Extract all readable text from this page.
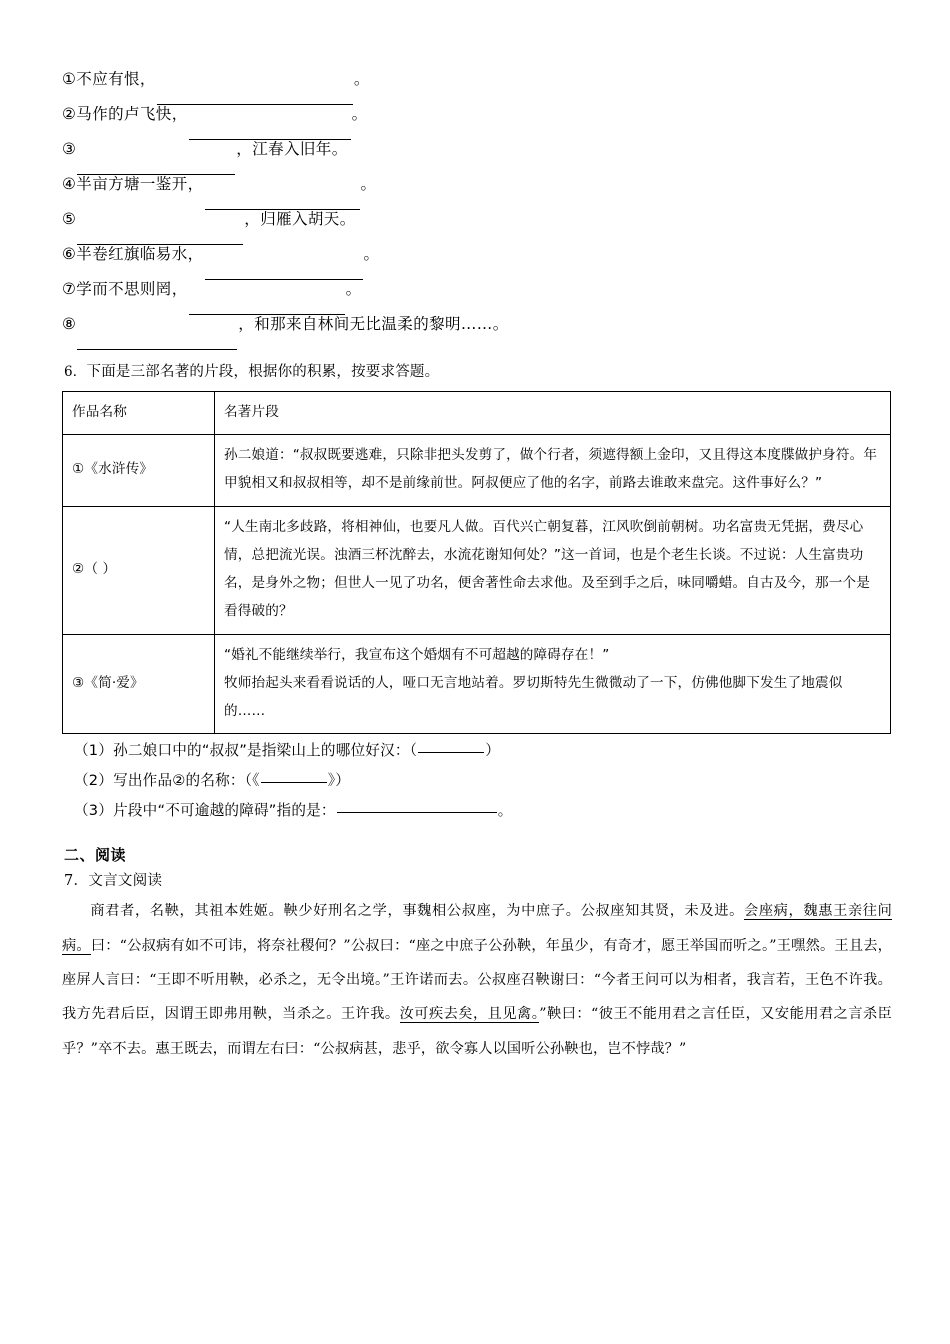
① 不应有恨，	。
② 马作的卢飞快，	。
③	，江春入旧年。
④ 半亩方塘一鉴开，	。
⑤	，归雁入胡天。
⑥ 半卷红旗临易水，	。
⑦ 学而不思则罔，	。
⑧	，和那来自林间无比温柔的黎明……。
6．下面是三部名著的片段，根据你的积累，按要求答题。
作品名称	名著片段
①《水浒传》	孙二娘道：“叔叔既要逃难，只除非把头发剪了，做个行者，须遮得额上金印，又且得这本度牒做护身符。年甲貌相又和叔叔相等，却不是前缘前世。阿叔便应了他的名字，前路去谁敢来盘完。这件事好么？”

②（ ）	“人生南北多歧路，将相神仙，也要凡人做。百代兴亡朝复暮，江风吹倒前朝树。功名富贵无凭据，费尽心情，总把流光误。浊酒三杯沈醉去，水流花谢知何处？”这一首词，也是个老生长谈。不过说：人生富贵功名，是身外之物；但世人一见了功名，便舍著性命去求他。及至到手之后，味同嚼蜡。自古及今，那一个是看得破的？

③《简·爱》	“婚礼不能继续举行，我宣布这个婚烟有不可超越的障碍存在！”

牧师抬起头来看看说话的人，哑口无言地站着。罗切斯特先生微微动了一下，仿佛他脚下发生了地震似的……

（1） 孙二娘口中的“叔叔”是指梁山上的哪位好汉：（	）
（2） 写出作品②的名称：（《	》）
（3） 片段中“不可逾越的障碍”指的是：	。
二、阅读
7．文言文阅读

商君者，名鞅，其祖本姓姬。鞅少好刑名之学，事魏相公叔座，为中庶子。公叔座知其贤，未及进。会座病，魏惠王亲往问病。曰：“公叔病有如不可讳，将奈社稷何？”公叔曰：“座之中庶子公孙鞅，年虽少，有奇才，愿王举国而听之。”王嘿然。王且去，座屏人言曰：“王即不听用鞅，必杀之，无令出境。”王许诺而去。公叔座召鞅谢曰：“今者王问可以为相者，我言若，王色不许我。我方先君后臣，因谓王即弗用鞅，当杀之。王许我。汝可疾去矣，且见禽。”鞅曰：“彼王不能用君之言任臣，又安能用君之言杀臣乎？”卒不去。惠王既去，而谓左右曰：“公叔病甚，悲乎，欲令寡人以国听公孙鞅也，岂不悖哉？”
